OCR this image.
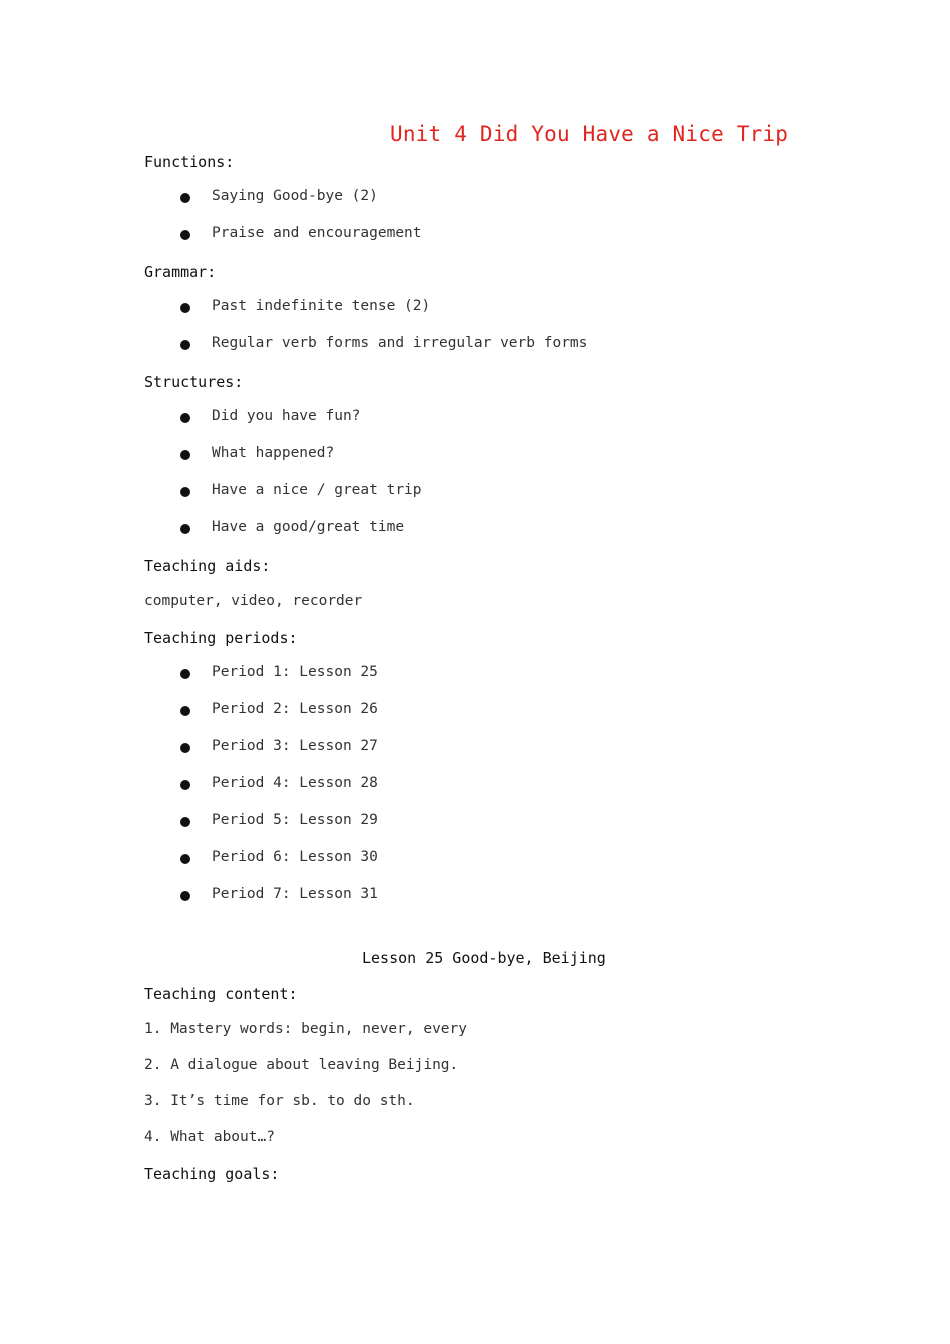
Unit 4 Did You Have a Nice Trip
Functions:
Saying Good-bye (2)
Praise and encouragement
Grammar:
Past indefinite tense (2)
Regular verb forms and irregular verb forms
Structures:
Did you have fun?
What happened?
Have a nice / great trip
Have a good/great time
Teaching aids:
computer, video, recorder
Teaching periods:
Period 1: Lesson 25
Period 2: Lesson 26
Period 3: Lesson 27
Period 4: Lesson 28
Period 5: Lesson 29
Period 6: Lesson 30
Period 7: Lesson 31
Lesson 25 Good-bye, Beijing
Teaching content:
1. Mastery words: begin, never, every
2. A dialogue about leaving Beijing.
3. It’s time for sb. to do sth.
4. What about…?
Teaching goals:
